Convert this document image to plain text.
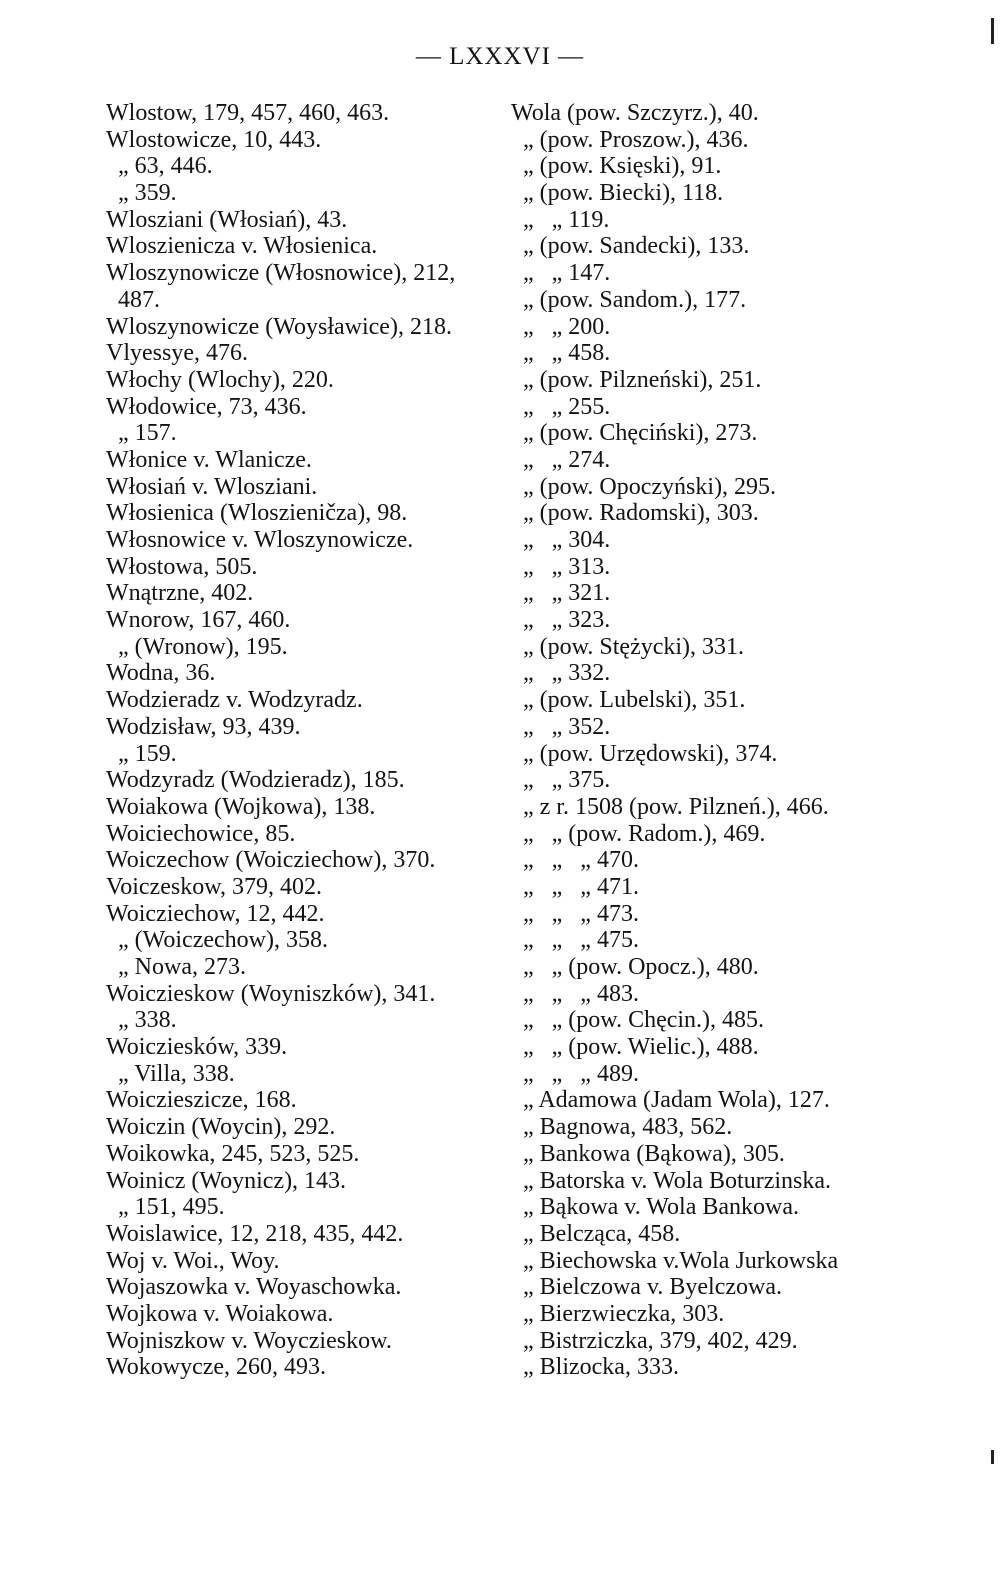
— LXXXVI —
Wlostow, 179, 457, 460, 463.
Wlostowicze, 10, 443.
„ 63, 446.
„ 359.
Wlosziani (Włosiań), 43.
Wloszienicza v. Włosienica.
Wloszynowicze (Włosnowice), 212,
487.
Wloszynowicze (Woysławice), 218.
Vlyessye, 476.
Włochy (Wlochy), 220.
Włodowice, 73, 436.
„ 157.
Włonice v. Wlanicze.
Włosiań v. Wlosziani.
Włosienica (Wloszieničza), 98.
Włosnowice v. Wloszynowicze.
Włostowa, 505.
Wnątrzne, 402.
Wnorow, 167, 460.
„ (Wronow), 195.
Wodna, 36.
Wodzieradz v. Wodzyradz.
Wodzisław, 93, 439.
„ 159.
Wodzyradz (Wodzieradz), 185.
Woiakowa (Wojkowa), 138.
Woiciechowice, 85.
Woiczechow (Woicziechow), 370.
Voiczeskow, 379, 402.
Woicziechow, 12, 442.
„ (Woiczechow), 358.
„ Nowa, 273.
Woiczieskow (Woyniszków), 341.
„ 338.
Woicziesków, 339.
„ Villa, 338.
Woiczieszicze, 168.
Woiczin (Woycin), 292.
Woikowka, 245, 523, 525.
Woinicz (Woynicz), 143.
„ 151, 495.
Woislawice, 12, 218, 435, 442.
Woj v. Woi., Woy.
Wojaszowka v. Woyaschowka.
Wojkowa v. Woiakowa.
Wojniszkow v. Woyczieskow.
Wokowycze, 260, 493.
Wola (pow. Szczyrz.), 40.
„ (pow. Proszow.), 436.
„ (pow. Księski), 91.
„ (pow. Biecki), 118.
„   „ 119.
„ (pow. Sandecki), 133.
„   „ 147.
„ (pow. Sandom.), 177.
„   „ 200.
„   „ 458.
„ (pow. Pilzneński), 251.
„   „ 255.
„ (pow. Chęciński), 273.
„   „ 274.
„ (pow. Opoczyński), 295.
„ (pow. Radomski), 303.
„   „ 304.
„   „ 313.
„   „ 321.
„   „ 323.
„ (pow. Stężycki), 331.
„   „ 332.
„ (pow. Lubelski), 351.
„   „ 352.
„ (pow. Urzędowski), 374.
„   „ 375.
„ z r. 1508 (pow. Pilzneń.), 466.
„   „ (pow. Radom.), 469.
„   „   „ 470.
„   „   „ 471.
„   „   „ 473.
„   „   „ 475.
„   „ (pow. Opocz.), 480.
„   „   „ 483.
„   „ (pow. Chęcin.), 485.
„   „ (pow. Wielic.), 488.
„   „   „ 489.
„ Adamowa (Jadam Wola), 127.
„ Bagnowa, 483, 562.
„ Bankowa (Bąkowa), 305.
„ Batorska v. Wola Boturzinska.
„ Bąkowa v. Wola Bankowa.
„ Belcząca, 458.
„ Biechowska v.Wola Jurkowska
„ Bielczowa v. Byelczowa.
„ Bierzwieczka, 303.
„ Bistrziczka, 379, 402, 429.
„ Blizocka, 333.
